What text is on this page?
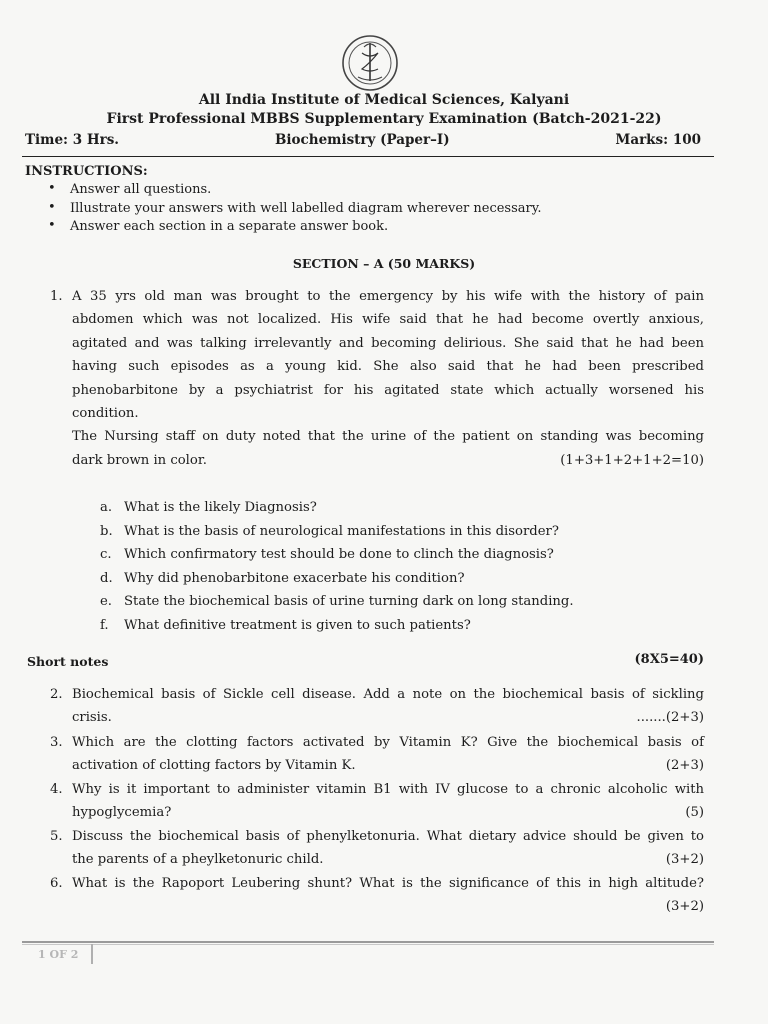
All India Institute of Medical Sciences, Kalyani
First Professional MBBS Supplementary Examination (Batch-2021-22)
Time: 3 Hrs.	Biochemistry (Paper–I)	Marks: 100
INSTRUCTIONS:
• Answer all questions.
• Illustrate your answers with well labelled diagram wherever necessary.
• Answer each section in a separate answer book.
SECTION – A (50 MARKS)
1. A 35 yrs old man was brought to the emergency by his wife with the history of pain
abdomen which was not localized. His wife said that he had become overtly anxious,
agitated and was talking irrelevantly and becoming delirious. She said that he had been
having such episodes as a young kid. She also said that he had been prescribed
phenobarbitone by a psychiatrist for his agitated state which actually worsened his
condition.
The Nursing staff on duty noted that the urine of the patient on standing was becoming
dark brown in color.	(1+3+1+2+1+2=10)
a. What is the likely Diagnosis?
b. What is the basis of neurological manifestations in this disorder?
c. Which confirmatory test should be done to clinch the diagnosis?
d. Why did phenobarbitone exacerbate his condition?
e. State the biochemical basis of urine turning dark on long standing.
f. What definitive treatment is given to such patients?
Short notes	(8X5=40)
2. Biochemical basis of Sickle cell disease. Add a note on the biochemical basis of sickling
crisis.	.......(2+3)
3. Which are the clotting factors activated by Vitamin K? Give the biochemical basis of
activation of clotting factors by Vitamin K.	(2+3)
4. Why is it important to administer vitamin B1 with IV glucose to a chronic alcoholic with
hypoglycemia?	(5)
5. Discuss the biochemical basis of phenylketonuria. What dietary advice should be given to
the parents of a pheylketonuric child.	(3+2)
6. What is the Rapoport Leubering shunt? What is the significance of this in high altitude?
(3+2)
1 OF 2
